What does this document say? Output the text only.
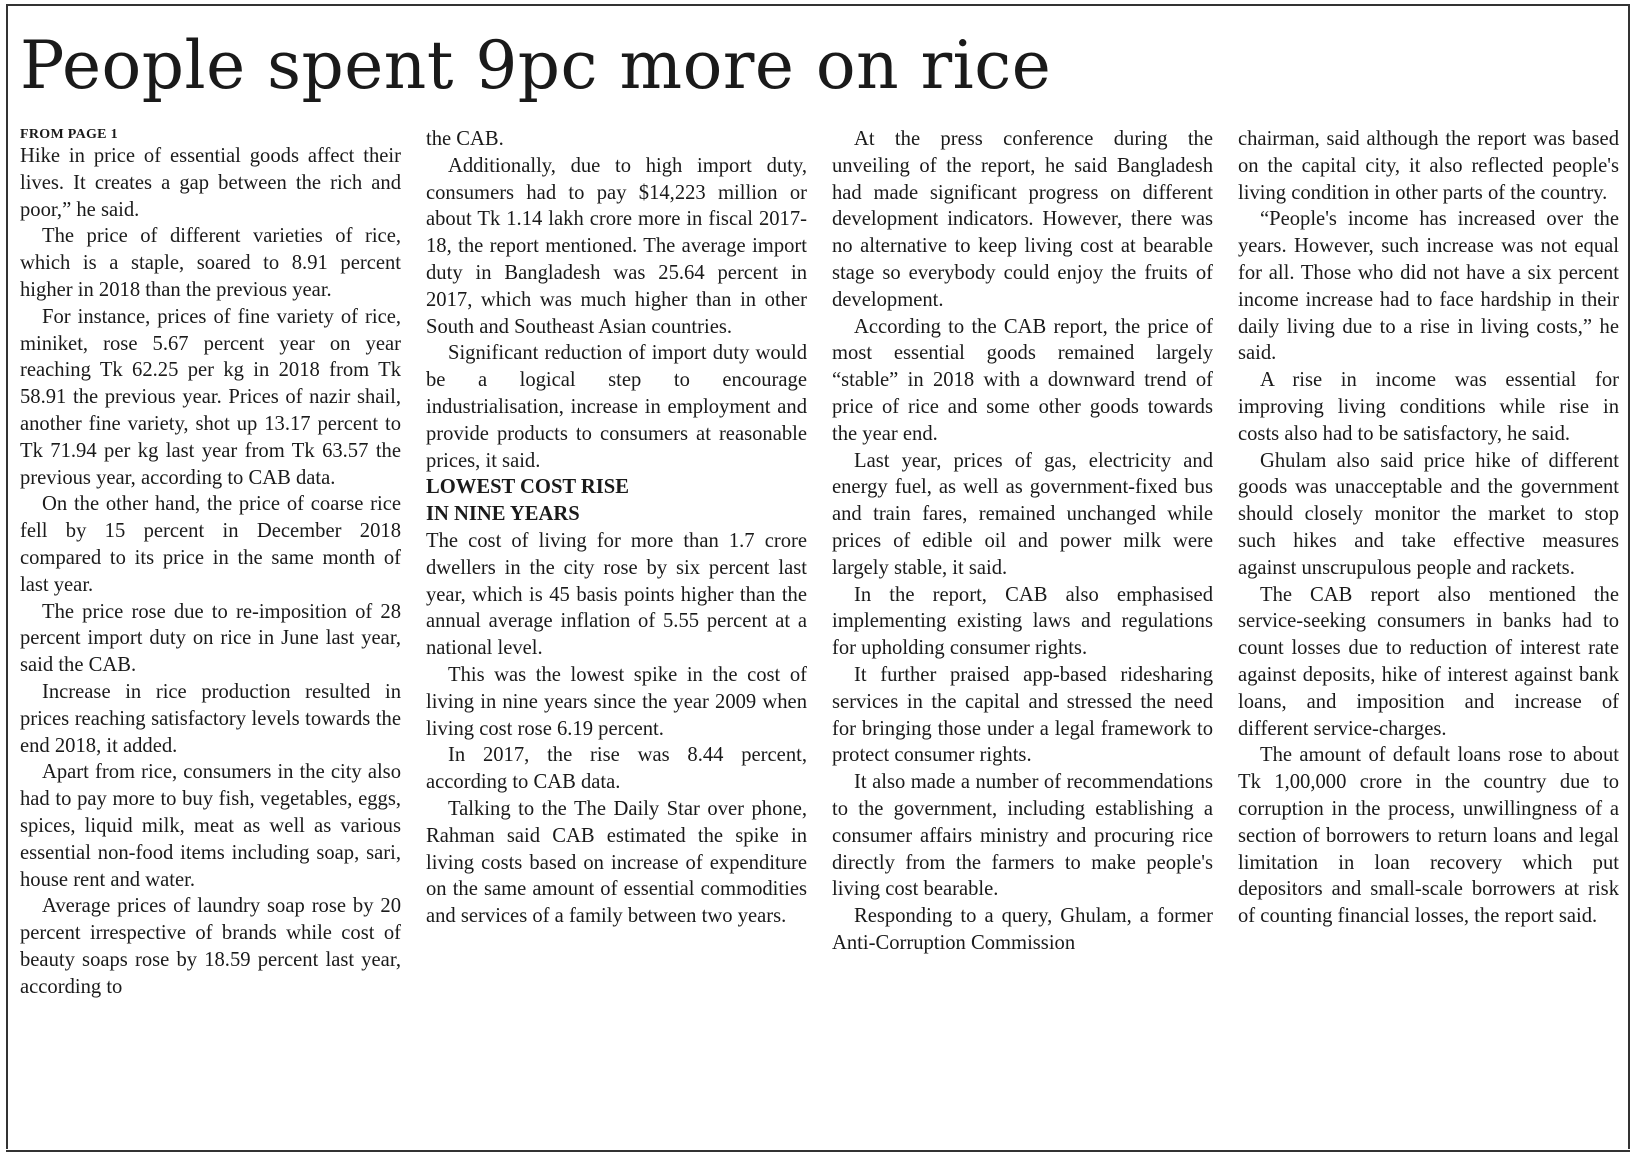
People spent 9pc more on rice
FROM PAGE 1

Hike in price of essential goods affect their lives. It creates a gap between the rich and poor,” he said.

The price of different varieties of rice, which is a staple, soared to 8.91 percent higher in 2018 than the previous year.

For instance, prices of fine variety of rice, miniket, rose 5.67 percent year on year reaching Tk 62.25 per kg in 2018 from Tk 58.91 the previous year. Prices of nazir shail, another fine variety, shot up 13.17 percent to Tk 71.94 per kg last year from Tk 63.57 the previous year, according to CAB data.

On the other hand, the price of coarse rice fell by 15 percent in December 2018 compared to its price in the same month of last year.

The price rose due to re-imposition of 28 percent import duty on rice in June last year, said the CAB.

Increase in rice production resulted in prices reaching satisfactory levels towards the end 2018, it added.

Apart from rice, consumers in the city also had to pay more to buy fish, vegetables, eggs, spices, liquid milk, meat as well as various essential non-food items including soap, sari, house rent and water.

Average prices of laundry soap rose by 20 percent irrespective of brands while cost of beauty soaps rose by 18.59 percent last year, according to

the CAB.

Additionally, due to high import duty, consumers had to pay $14,223 million or about Tk 1.14 lakh crore more in fiscal 2017-18, the report mentioned. The average import duty in Bangladesh was 25.64 percent in 2017, which was much higher than in other South and Southeast Asian countries.

Significant reduction of import duty would be a logical step to encourage industrialisation, increase in employment and provide products to consumers at reasonable prices, it said.

LOWEST COST RISE
IN NINE YEARS

The cost of living for more than 1.7 crore dwellers in the city rose by six percent last year, which is 45 basis points higher than the annual average inflation of 5.55 percent at a national level.

This was the lowest spike in the cost of living in nine years since the year 2009 when living cost rose 6.19 percent.

In 2017, the rise was 8.44 percent, according to CAB data.

Talking to the The Daily Star over phone, Rahman said CAB estimated the spike in living costs based on increase of expenditure on the same amount of essential commodities and services of a family between two years.

At the press conference during the unveiling of the report, he said Bangladesh had made significant progress on different development indicators. However, there was no alternative to keep living cost at bearable stage so everybody could enjoy the fruits of development.

According to the CAB report, the price of most essential goods remained largely “stable” in 2018 with a downward trend of price of rice and some other goods towards the year end.

Last year, prices of gas, electricity and energy fuel, as well as government-fixed bus and train fares, remained unchanged while prices of edible oil and power milk were largely stable, it said.

In the report, CAB also emphasised implementing existing laws and regulations for upholding consumer rights.

It further praised app-based ridesharing services in the capital and stressed the need for bringing those under a legal framework to protect consumer rights.

It also made a number of recommendations to the government, including establishing a consumer affairs ministry and procuring rice directly from the farmers to make people's living cost bearable.

Responding to a query, Ghulam, a former Anti-Corruption Commission

chairman, said although the report was based on the capital city, it also reflected people's living condition in other parts of the country.

“People's income has increased over the years. However, such increase was not equal for all. Those who did not have a six percent income increase had to face hardship in their daily living due to a rise in living costs,” he said.

A rise in income was essential for improving living conditions while rise in costs also had to be satisfactory, he said.

Ghulam also said price hike of different goods was unacceptable and the government should closely monitor the market to stop such hikes and take effective measures against unscrupulous people and rackets.

The CAB report also mentioned the service-seeking consumers in banks had to count losses due to reduction of interest rate against deposits, hike of interest against bank loans, and imposition and increase of different service-charges.

The amount of default loans rose to about Tk 1,00,000 crore in the country due to corruption in the process, unwillingness of a section of borrowers to return loans and legal limitation in loan recovery which put depositors and small-scale borrowers at risk of counting financial losses, the report said.
